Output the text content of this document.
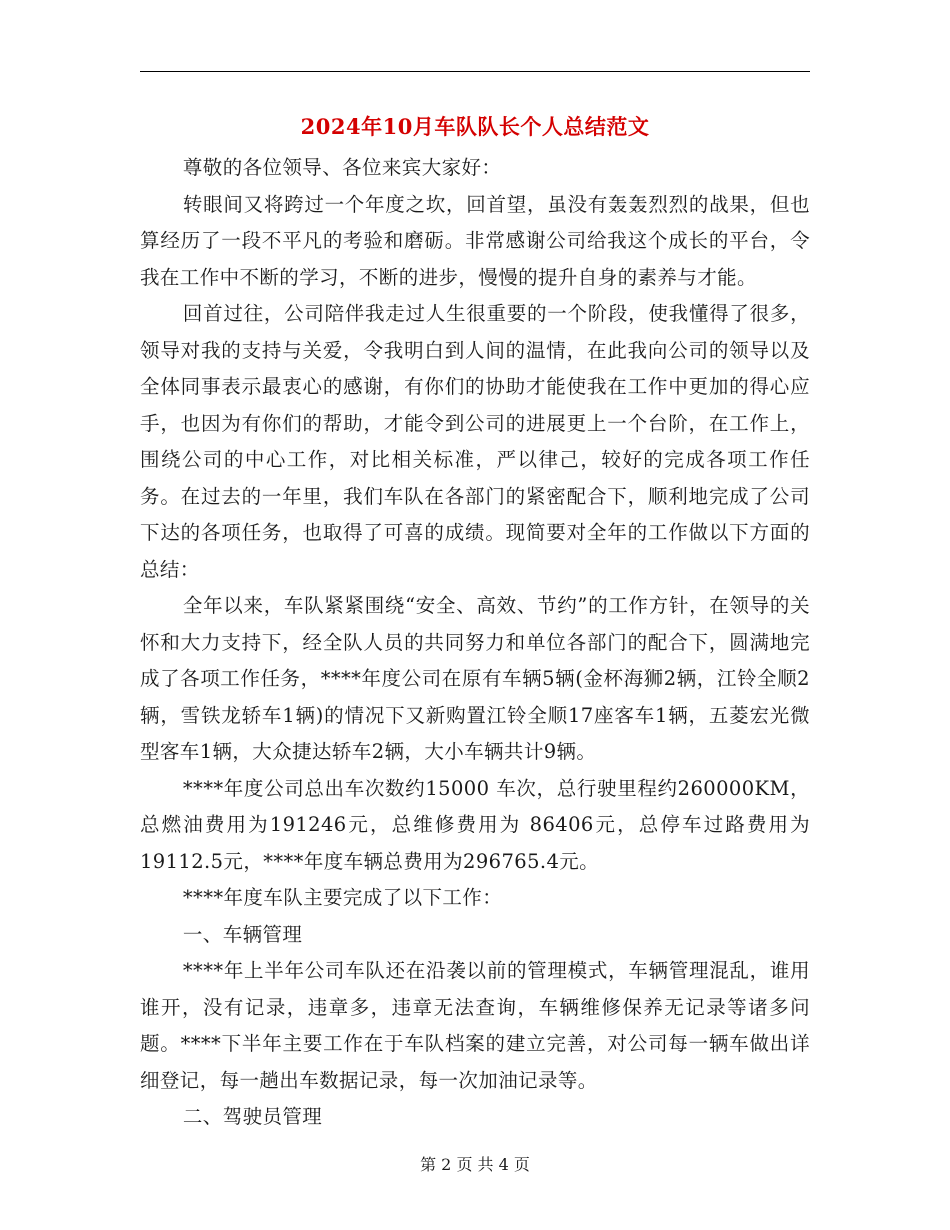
2024年10月车队队长个人总结范文

尊敬的各位领导、各位来宾大家好：

转眼间又将跨过一个年度之坎，回首望，虽没有轰轰烈烈的战果，但也算经历了一段不平凡的考验和磨砺。非常感谢公司给我这个成长的平台，令我在工作中不断的学习，不断的进步，慢慢的提升自身的素养与才能。

回首过往，公司陪伴我走过人生很重要的一个阶段，使我懂得了很多，领导对我的支持与关爱，令我明白到人间的温情，在此我向公司的领导以及全体同事表示最衷心的感谢，有你们的协助才能使我在工作中更加的得心应手，也因为有你们的帮助，才能令到公司的进展更上一个台阶，在工作上，围绕公司的中心工作，对比相关标准，严以律己，较好的完成各项工作任务。在过去的一年里，我们车队在各部门的紧密配合下，顺利地完成了公司下达的各项任务，也取得了可喜的成绩。现简要对全年的工作做以下方面的总结：

全年以来，车队紧紧围绕“安全、高效、节约”的工作方针，在领导的关怀和大力支持下，经全队人员的共同努力和单位各部门的配合下，圆满地完成了各项工作任务，****年度公司在原有车辆5辆(金杯海狮2辆，江铃全顺2辆，雪铁龙轿车1辆)的情况下又新购置江铃全顺17座客车1辆，五菱宏光微型客车1辆，大众捷达轿车2辆，大小车辆共计9辆。

****年度公司总出车次数约15000 车次，总行驶里程约260000KM，总燃油费用为191246元，总维修费用为 86406元，总停车过路费用为19112.5元，****年度车辆总费用为296765.4元。

****年度车队主要完成了以下工作：

一、车辆管理

****年上半年公司车队还在沿袭以前的管理模式，车辆管理混乱，谁用谁开，没有记录，违章多，违章无法查询，车辆维修保养无记录等诸多问题。****下半年主要工作在于车队档案的建立完善，对公司每一辆车做出详细登记，每一趟出车数据记录，每一次加油记录等。

二、驾驶员管理

第 2 页 共 4 页
